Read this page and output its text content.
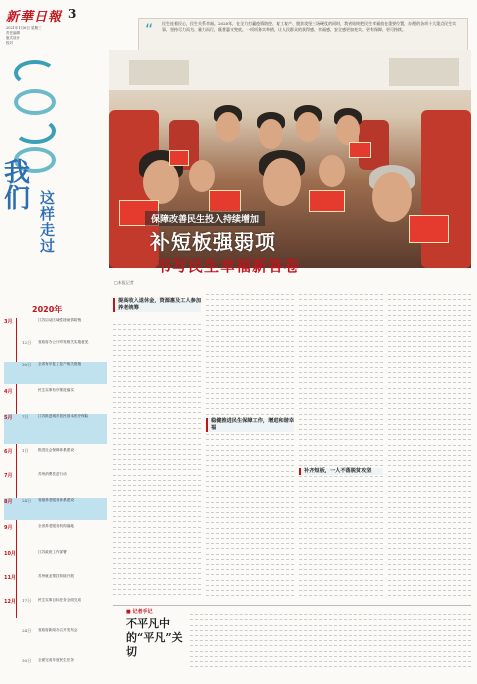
新華日報 3
2021年1月6日 星期三
责任编辑
版式设计
校对
我
们 这样走过
2020年
3月	江苏启动区域性援助供给链
12日	省政府办公厅印发相关实施意见
30日	全省有序复工复产相关措施
4月	民生实事有序推进落实
5月	7日	江苏推进城乡居民基本医疗保险
6月	1日	推进社会保障体系建设
7月	苏州消费扶贫行动
8月	24日	省级养老服务体系建设
9月	全省养老服务机构落地
10月	江苏政府工作部署
11月	苏州就业帮扶持续开展
12月	17日	民生实事目标任务全面完成
24日	省政府新闻办召开发布会
30日	全面完成年度民生任务
“ 民生连着民心，民生关系幸福。2020年，在全力打赢疫情防控、复工复产、脱贫攻坚三场硬仗的同时，我省始终把民生幸福放在重要位置，办理的各项十大重点民生实事，坚持尽力而为、量力而行，既普惠又兜底。一项项务实举措，让人民群众的获得感、幸福感、安全感更加充实、更有保障、更可持续。
保障改善民生投入持续增加
补短板强弱项
书写民生幸福新答卷
□本报记者
提高收入退休金，资源惠及工人参加养老统筹
稳健推进民生保障工作，增进和谐幸福
补齐短板，一人不落脱贫攻坚
■ 记者手记
不平凡中的“平凡”关切
